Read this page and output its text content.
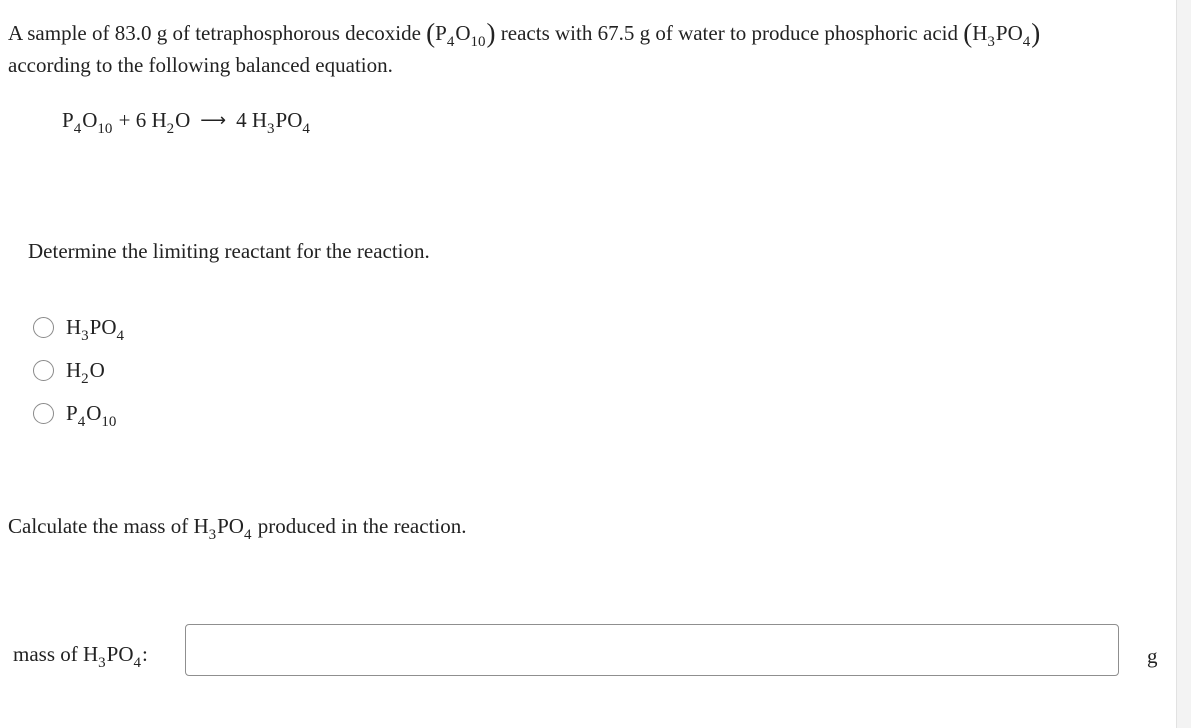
A sample of 83.0 g of tetraphosphorous decoxide ( P 4 O 10 ) reacts with 67.5 g of water to produce phosphoric acid ( H 3 PO 4 )
according to the following balanced equation.
P 4 O 10 + 6 H 2 O ⟶ 4 H 3 PO 4
Determine the limiting reactant for the reaction.
H 3 PO 4
H 2 O
P 4 O 10
Calculate the mass of H 3 PO 4 produced in the reaction.
mass of H 3 PO 4 :	g
